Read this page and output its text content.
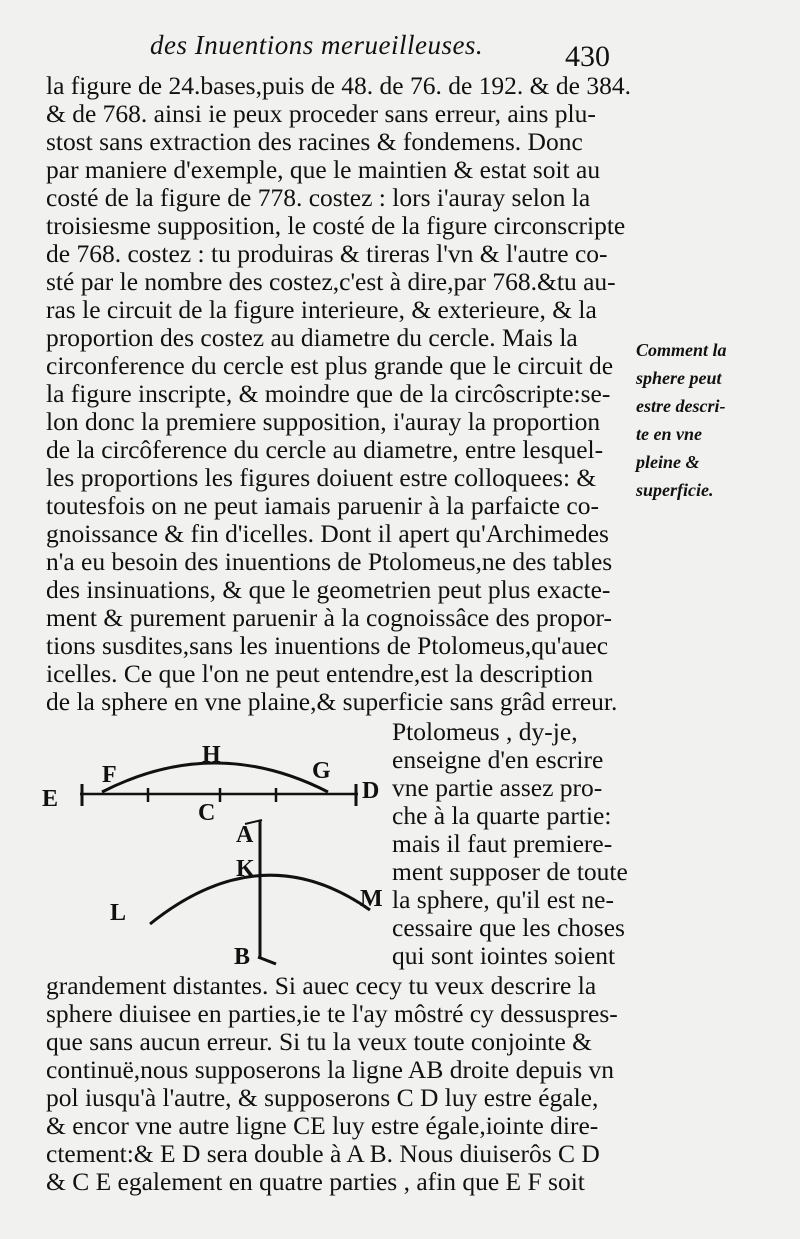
des Inuentions merueilleuses.	430
la figure de 24.bases,puis de 48. de 76. de 192. & de 384.
& de 768. ainsi ie peux proceder sans erreur, ains plu-
stost sans extraction des racines & fondemens. Donc
par maniere d'exemple, que le maintien & estat soit au
costé de la figure de 778. costez : lors i'auray selon la
troisiesme supposition, le costé de la figure circonscripte
de 768. costez : tu produiras & tireras l'vn & l'autre co-
sté par le nombre des costez,c'est à dire,par 768.&tu au-
ras le circuit de la figure interieure, & exterieure, & la
proportion des costez au diametre du cercle. Mais la
circonference du cercle est plus grande que le circuit de
la figure inscripte, & moindre que de la circôscripte:se-
lon donc la premiere supposition, i'auray la proportion
de la circôference du cercle au diametre, entre lesquel-
les proportions les figures doiuent estre colloquees: &
toutesfois on ne peut iamais paruenir à la parfaicte co-
gnoissance & fin d'icelles. Dont il apert qu'Archimedes
n'a eu besoin des inuentions de Ptolomeus,ne des tables
des insinuations, & que le geometrien peut plus exacte-
ment & purement paruenir à la cognoissâce des propor-
tions susdites,sans les inuentions de Ptolomeus,qu'auec
icelles. Ce que l'on ne peut entendre,est la description
de la sphere en vne plaine,& superficie sans grâd erreur.
Comment la
sphere peut
estre descri-
te en vne
pleine &
superficie.
E
F
H
G
D
C
A
K
L
M
B
Ptolomeus , dy-je,
enseigne d'en escrire
vne partie assez pro-
che à la quarte partie:
mais il faut premiere-
ment supposer de toute
la sphere, qu'il est ne-
cessaire que les choses
qui sont iointes soient
grandement distantes. Si auec cecy tu veux descrire la
sphere diuisee en parties,ie te l'ay môstré cy dessuspres-
que sans aucun erreur. Si tu la veux toute conjointe &
continuë,nous supposerons la ligne AB droite depuis vn
pol iusqu'à l'autre, & supposerons C D luy estre égale,
& encor vne autre ligne CE luy estre égale,iointe dire-
ctement:& E D sera double à A B. Nous diuiserôs C D
& C E egalement en quatre parties , afin que E F soit
